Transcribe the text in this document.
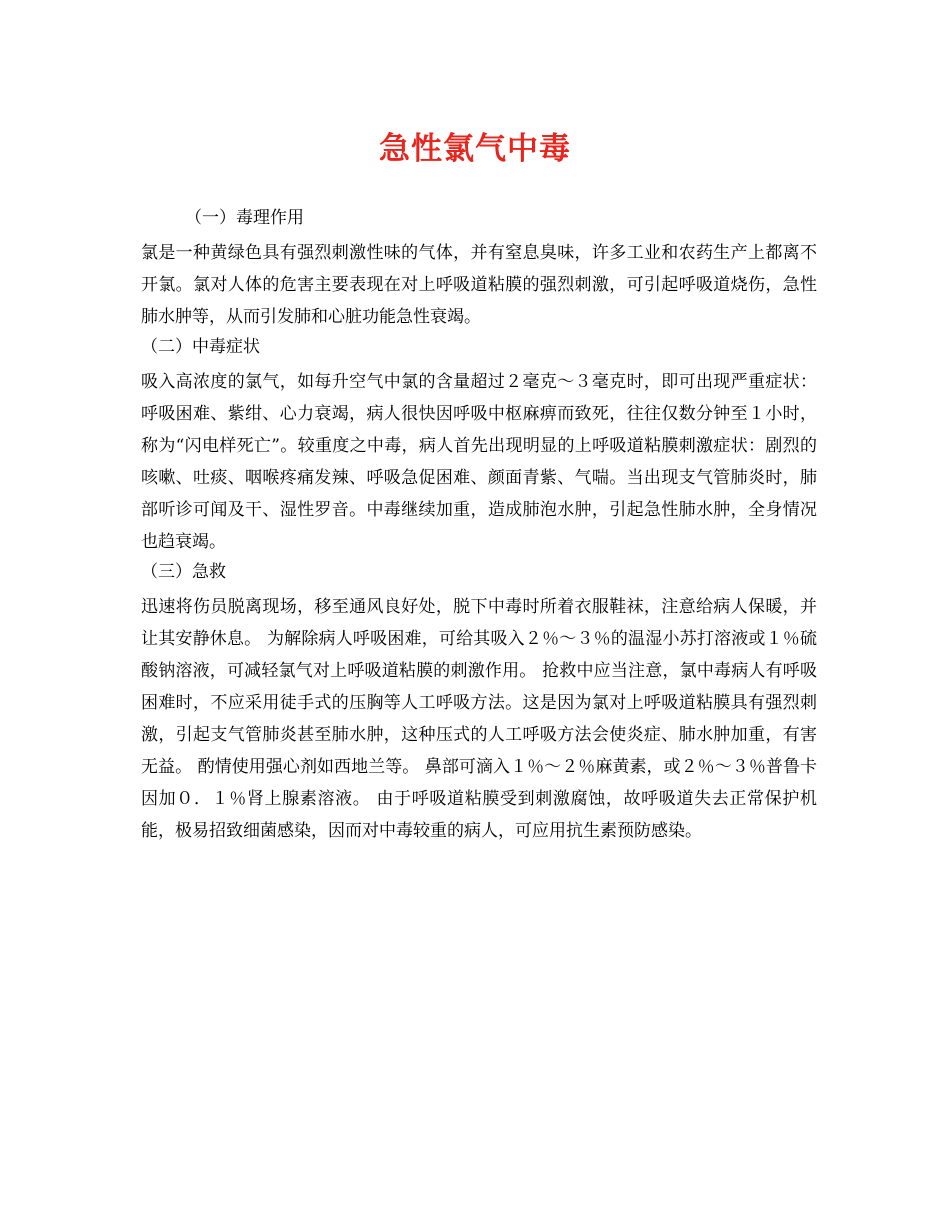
急性氯气中毒
（一）毒理作用

氯是一种黄绿色具有强烈刺激性味的气体，并有窒息臭味，许多工业和农药生产上都离不开氯。氯对人体的危害主要表现在对上呼吸道粘膜的强烈刺激，可引起呼吸道烧伤，急性肺水肿等，从而引发肺和心脏功能急性衰竭。

（二）中毒症状

吸入高浓度的氯气，如每升空气中氯的含量超过２毫克～３毫克时，即可出现严重症状：呼吸困难、紫绀、心力衰竭，病人很快因呼吸中枢麻痹而致死，往往仅数分钟至１小时，称为“闪电样死亡”。较重度之中毒，病人首先出现明显的上呼吸道粘膜刺激症状：剧烈的咳嗽、吐痰、咽喉疼痛发辣、呼吸急促困难、颜面青紫、气喘。当出现支气管肺炎时，肺部听诊可闻及干、湿性罗音。中毒继续加重，造成肺泡水肿，引起急性肺水肿，全身情况也趋衰竭。

（三）急救

迅速将伤员脱离现场，移至通风良好处，脱下中毒时所着衣服鞋袜，注意给病人保暖，并让其安静休息。 为解除病人呼吸困难，可给其吸入２％～３％的温湿小苏打溶液或１％硫酸钠溶液，可减轻氯气对上呼吸道粘膜的刺激作用。 抢救中应当注意，氯中毒病人有呼吸困难时，不应采用徒手式的压胸等人工呼吸方法。这是因为氯对上呼吸道粘膜具有强烈刺激，引起支气管肺炎甚至肺水肿，这种压式的人工呼吸方法会使炎症、肺水肿加重，有害无益。 酌情使用强心剂如西地兰等。 鼻部可滴入１％～２％麻黄素，或２％～３％普鲁卡因加０．１％肾上腺素溶液。 由于呼吸道粘膜受到刺激腐蚀，故呼吸道失去正常保护机能，极易招致细菌感染，因而对中毒较重的病人，可应用抗生素预防感染。
